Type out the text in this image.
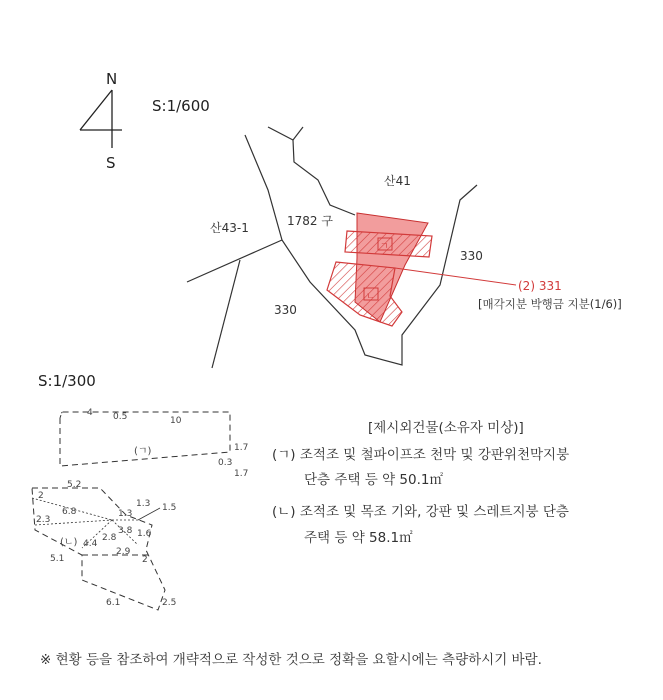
N
S
S:1/600
ㄱ
ㄴ
(2) 331
[매각지분 박행금 지분(1/6)]
산41
산43-1	1782 구
330
330
S:1/300
(ㄱ)
4 0.5	10
1.7
0.3
1.7
(ㄴ)
5.2
2
6.8
2.3
1.3
1.3 1.5
3.8 1.6
4.4
2.8
2.9
5.1	2
6.1	2.5
[제시외건물(소유자 미상)]
(ㄱ) 조적조 및 철파이프조 천막 및 강판위천막지붕
단층 주택 등 약 50.1㎡
(ㄴ) 조적조 및 목조 기와, 강판 및 스레트지붕 단층
주택 등 약 58.1㎡
※ 현황 등을 참조하여 개략적으로 작성한 것으로 정확을 요할시에는 측량하시기 바람.
